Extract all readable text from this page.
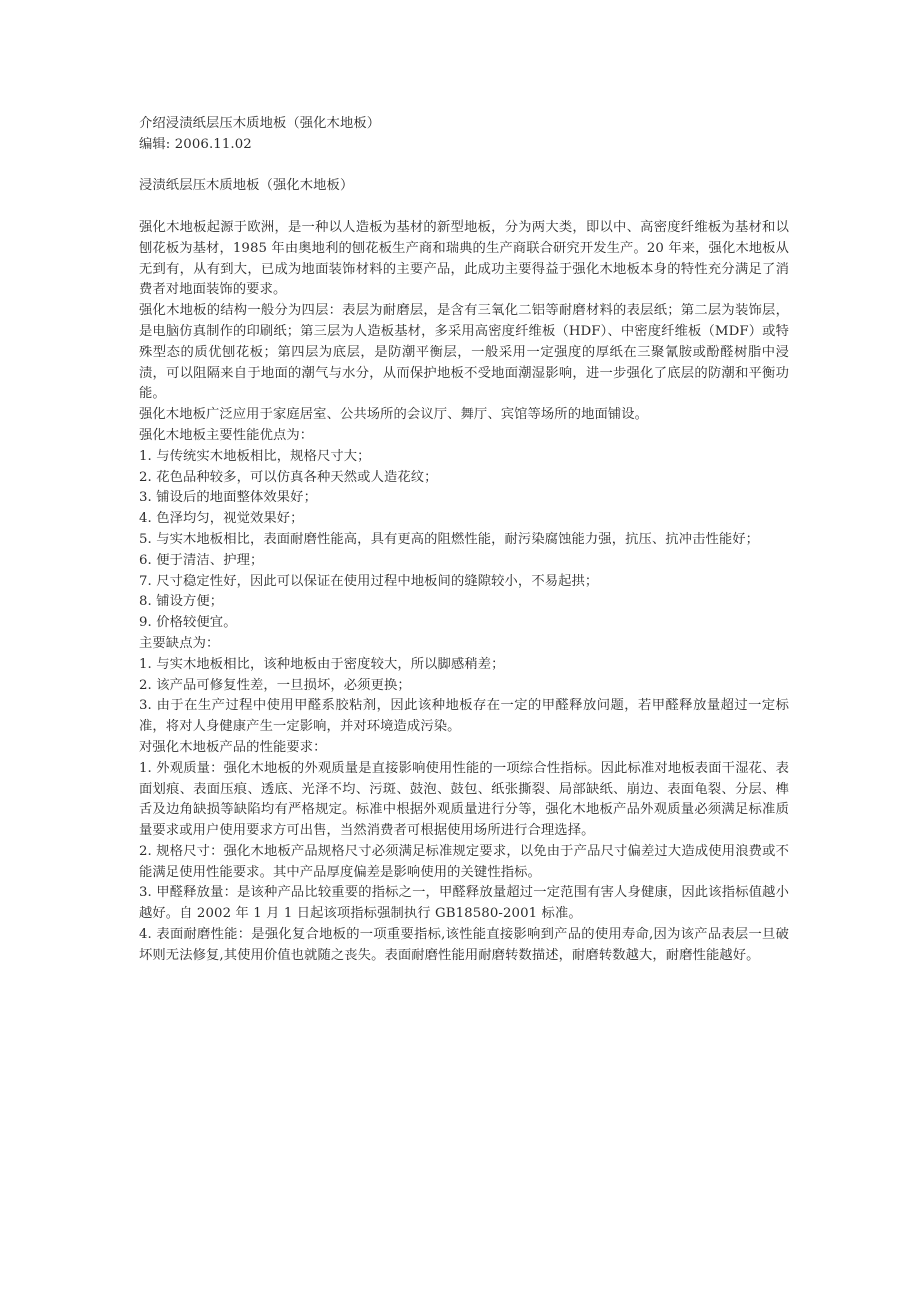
介绍浸渍纸层压木质地板（强化木地板）
编辑: 2006.11.02
浸渍纸层压木质地板（强化木地板）
强化木地板起源于欧洲，是一种以人造板为基材的新型地板，分为两大类，即以中、高密度纤维板为基材和以刨花板为基材，1985 年由奥地利的刨花板生产商和瑞典的生产商联合研究开发生产。20 年来，强化木地板从无到有，从有到大，已成为地面装饰材料的主要产品，此成功主要得益于强化木地板本身的特性充分满足了消费者对地面装饰的要求。
强化木地板的结构一般分为四层：表层为耐磨层，是含有三氧化二铝等耐磨材料的表层纸；第二层为装饰层，是电脑仿真制作的印刷纸；第三层为人造板基材，多采用高密度纤维板（HDF）、中密度纤维板（MDF）或特殊型态的质优刨花板；第四层为底层，是防潮平衡层，一般采用一定强度的厚纸在三聚氰胺或酚醛树脂中浸渍，可以阻隔来自于地面的潮气与水分，从而保护地板不受地面潮湿影响，进一步强化了底层的防潮和平衡功能。
强化木地板广泛应用于家庭居室、公共场所的会议厅、舞厅、宾馆等场所的地面铺设。
强化木地板主要性能优点为：
1. 与传统实木地板相比，规格尺寸大；
2. 花色品种较多，可以仿真各种天然或人造花纹；
3. 铺设后的地面整体效果好；
4. 色泽均匀，视觉效果好；
5. 与实木地板相比，表面耐磨性能高，具有更高的阻燃性能，耐污染腐蚀能力强，抗压、抗冲击性能好；
6. 便于清洁、护理；
7. 尺寸稳定性好，因此可以保证在使用过程中地板间的缝隙较小，不易起拱；
8. 铺设方便；
9. 价格较便宜。
主要缺点为：
1. 与实木地板相比，该种地板由于密度较大，所以脚感稍差；
2. 该产品可修复性差，一旦损坏，必须更换；
3. 由于在生产过程中使用甲醛系胶粘剂，因此该种地板存在一定的甲醛释放问题，若甲醛释放量超过一定标准，将对人身健康产生一定影响，并对环境造成污染。
对强化木地板产品的性能要求：
1. 外观质量：强化木地板的外观质量是直接影响使用性能的一项综合性指标。因此标准对地板表面干湿花、表面划痕、表面压痕、透底、光泽不均、污斑、鼓泡、鼓包、纸张撕裂、局部缺纸、崩边、表面龟裂、分层、榫舌及边角缺损等缺陷均有严格规定。标准中根据外观质量进行分等，强化木地板产品外观质量必须满足标准质量要求或用户使用要求方可出售，当然消费者可根据使用场所进行合理选择。
2. 规格尺寸：强化木地板产品规格尺寸必须满足标准规定要求，以免由于产品尺寸偏差过大造成使用浪费或不能满足使用性能要求。其中产品厚度偏差是影响使用的关键性指标。
3. 甲醛释放量：是该种产品比较重要的指标之一，甲醛释放量超过一定范围有害人身健康，因此该指标值越小越好。自 2002 年 1 月 1 日起该项指标强制执行 GB18580-2001 标准。
4. 表面耐磨性能：是强化复合地板的一项重要指标,该性能直接影响到产品的使用寿命,因为该产品表层一旦破坏则无法修复,其使用价值也就随之丧失。表面耐磨性能用耐磨转数描述，耐磨转数越大，耐磨性能越好。
